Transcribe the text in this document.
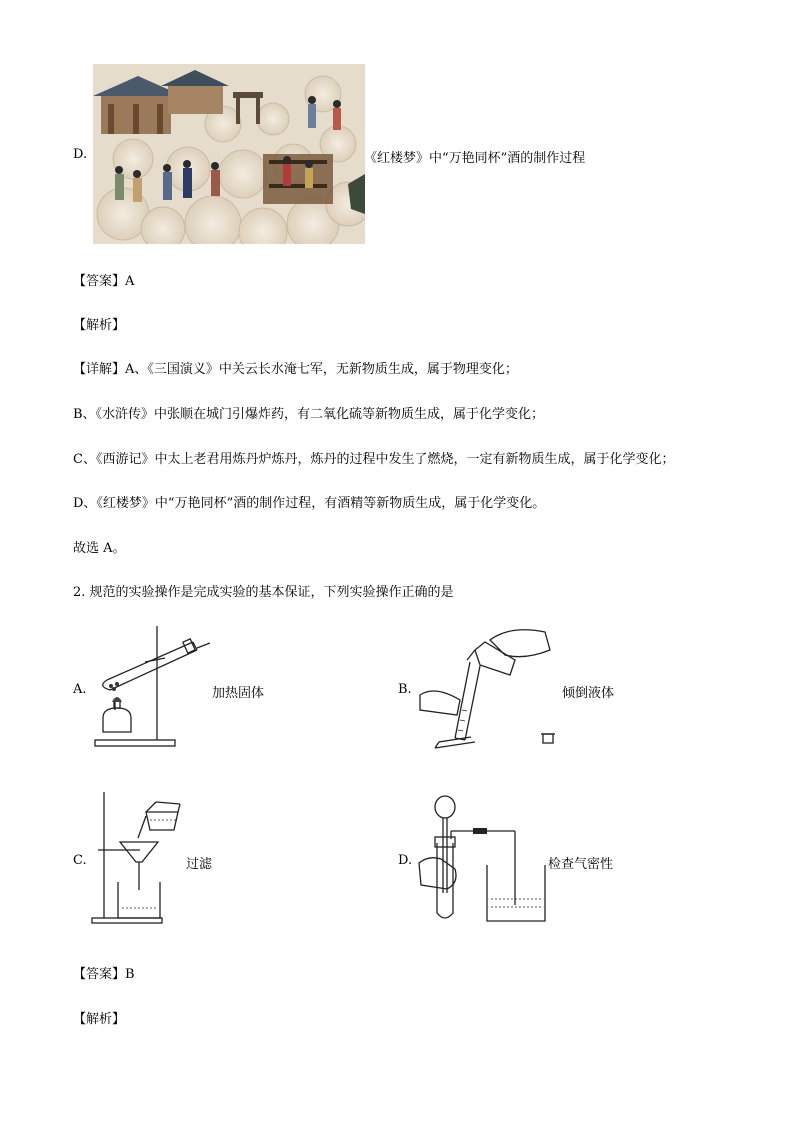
D.	《红楼梦》中“万艳同杯”酒的制作过程
【答案】A
【解析】
【详解】A、《三国演义》中关云长水淹七军，无新物质生成，属于物理变化；
B、《水浒传》中张顺在城门引爆炸药，有二氧化硫等新物质生成，属于化学变化；
C、《西游记》中太上老君用炼丹炉炼丹，炼丹的过程中发生了燃烧，一定有新物质生成，属于化学变化；
D、《红楼梦》中“万艳同杯”酒的制作过程，有酒精等新物质生成，属于化学变化。
故选 A。
2. 规范的实验操作是完成实验的基本保证，下列实验操作正确的是
A.	加热固体	B.	倾倒液体
C.	过滤	D.	检查气密性
【答案】B
【解析】
